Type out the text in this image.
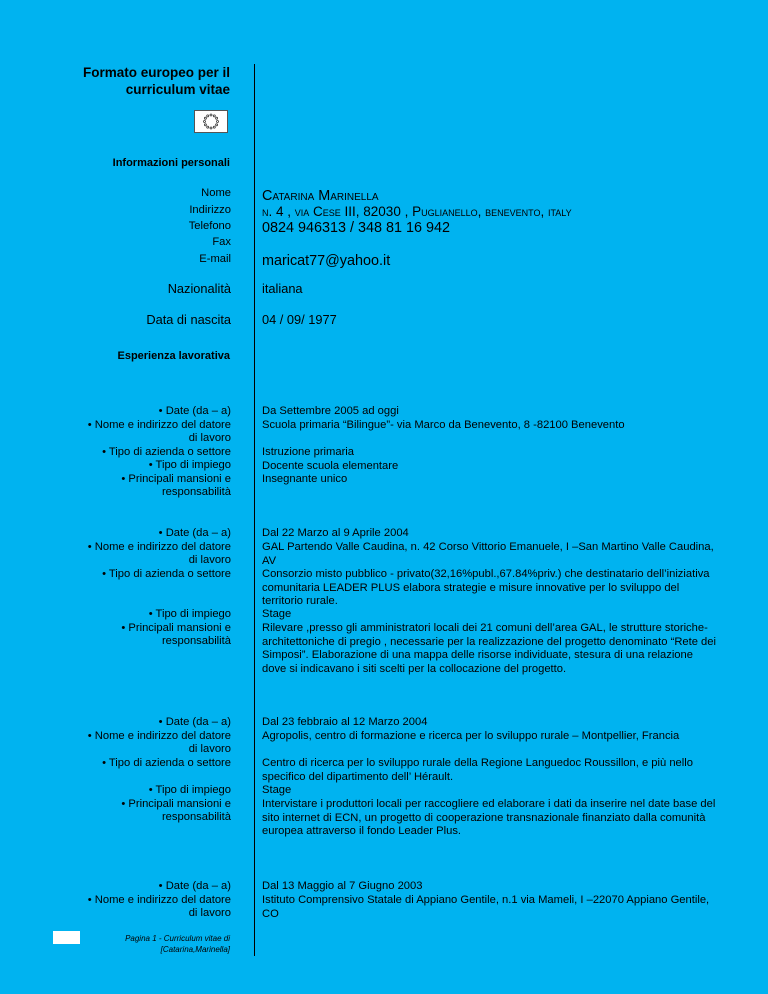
Formato europeo per il
curriculum vitae
Informazioni personali
Nome
Indirizzo
Telefono
Fax
E-mail
Nazionalità
Data di nascita
Catarina Marinella
n. 4 , via Cese III, 82030 , Puglianello, benevento, italy
0824 946313 / 348 81 16 942
maricat77@yahoo.it
italiana
04 / 09/ 1977
Esperienza lavorativa
• Date (da – a)
• Nome e indirizzo del datore
di lavoro
• Tipo di azienda o settore
• Tipo di impiego
• Principali mansioni e
responsabilità
Da Settembre 2005 ad oggi
Scuola primaria “Bilingue”- via Marco da Benevento, 8 -82100 Benevento
Istruzione primaria
Docente scuola elementare
Insegnante unico
• Date (da – a)
• Nome e indirizzo del datore
di lavoro
• Tipo di azienda o settore
• Tipo di impiego
• Principali mansioni e
responsabilità
Dal 22 Marzo al 9 Aprile 2004
GAL Partendo Valle Caudina, n. 42 Corso Vittorio Emanuele, I –San Martino Valle Caudina, AV
Consorzio misto pubblico - privato(32,16%publ.,67.84%priv.) che destinatario dell’iniziativa comunitaria LEADER PLUS elabora strategie e misure innovative per lo sviluppo del territorio rurale.
Stage
Rilevare ,presso gli amministratori locali dei 21 comuni dell’area GAL, le strutture storiche- architettoniche di pregio , necessarie per la realizzazione del progetto denominato “Rete dei Simposi”. Elaborazione di una mappa delle risorse individuate, stesura di una relazione dove si indicavano i siti scelti per la collocazione del progetto.
• Date (da – a)
• Nome e indirizzo del datore
di lavoro
• Tipo di azienda o settore
• Tipo di impiego
• Principali mansioni e
responsabilità
Dal 23 febbraio al 12 Marzo 2004
Agropolis, centro di formazione e ricerca per lo sviluppo rurale – Montpellier, Francia
Centro di ricerca per lo sviluppo rurale della Regione Languedoc Roussillon, e più nello specifico del dipartimento dell’ Hérault.
Stage
Intervistare i produttori locali per raccogliere ed elaborare i dati da inserire nel date base del sito internet di ECN, un progetto di cooperazione transnazionale finanziato dalla comunità europea attraverso il fondo Leader Plus.
• Date (da – a)
• Nome e indirizzo del datore
di lavoro
Dal 13 Maggio al 7 Giugno 2003
Istituto Comprensivo Statale di Appiano Gentile, n.1 via Mameli, I –22070 Appiano Gentile, CO
Pagina 1 - Curriculum vitae di
[Catarina,Marinella]
